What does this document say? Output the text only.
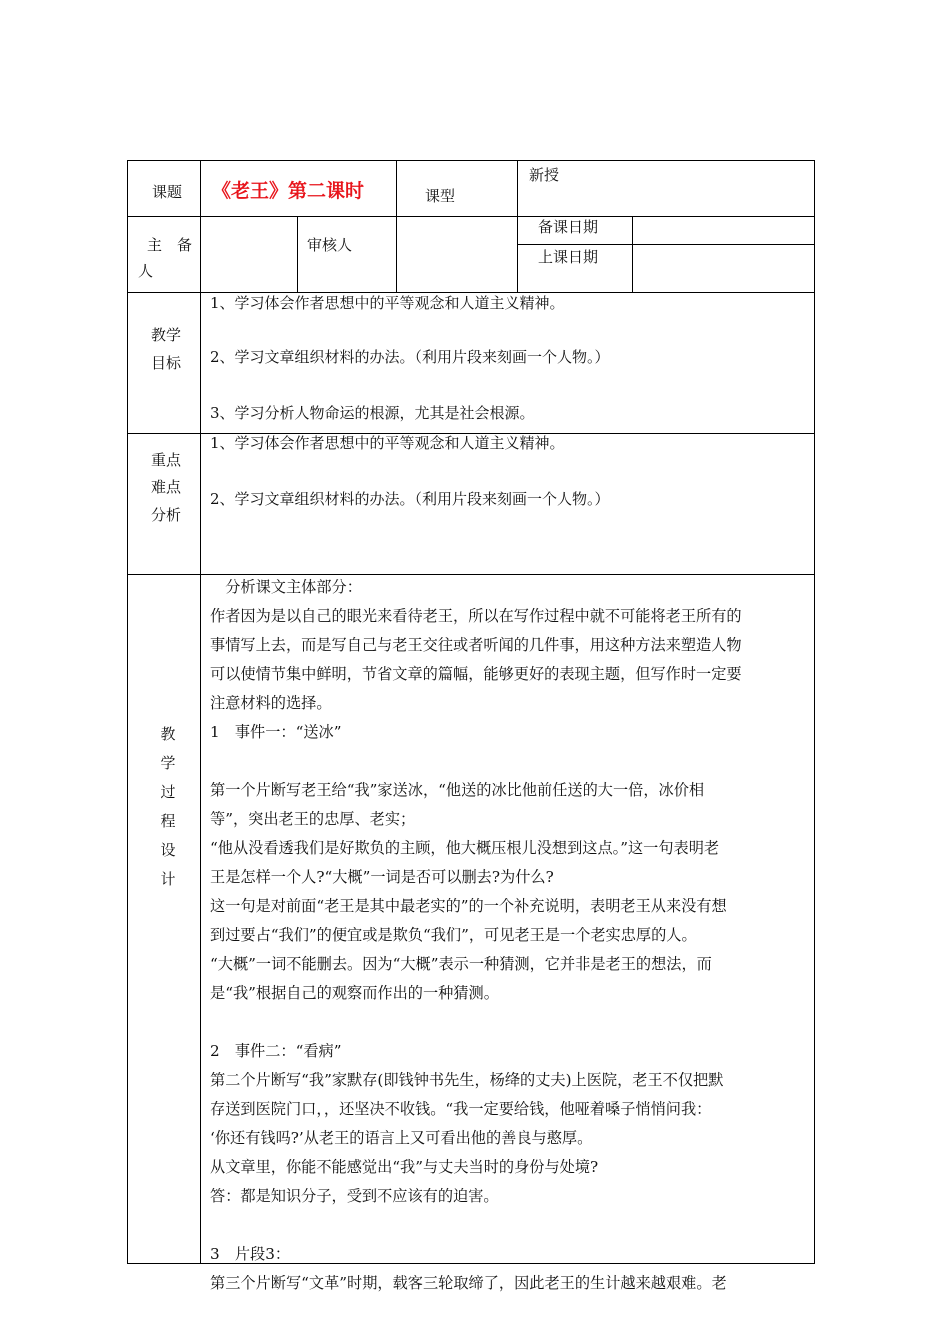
课题 《老王》第二课时	课型
新授
主　备
人
审核人
备课日期
上课日期
教学
目标
1、学习体会作者思想中的平等观念和人道主义精神。
2、学习文章组织材料的办法。（利用片段来刻画一个人物。）
3、学习分析人物命运的根源，尤其是社会根源。
重点
难点
分析
1、学习体会作者思想中的平等观念和人道主义精神。
2、学习文章组织材料的办法。（利用片段来刻画一个人物。）
教
学
过
程
设
计

　分析课文主体部分：

作者因为是以自己的眼光来看待老王，所以在写作过程中就不可能将老王所有的

事情写上去，而是写自己与老王交往或者听闻的几件事，用这种方法来塑造人物

可以使情节集中鲜明，节省文章的篇幅，能够更好的表现主题，但写作时一定要

注意材料的选择。

1　事件一：“送冰”

第一个片断写老王给“我”家送冰，“他送的冰比他前任送的大一倍，冰价相

等”，突出老王的忠厚、老实；

“他从没看透我们是好欺负的主顾，他大概压根儿没想到这点。”这一句表明老

王是怎样一个人?“大概”一词是否可以删去?为什么?

这一句是对前面“老王是其中最老实的”的一个补充说明，表明老王从来没有想

到过要占“我们”的便宜或是欺负“我们”，可见老王是一个老实忠厚的人。

“大概”一词不能删去。因为“大概”表示一种猜测，它并非是老王的想法，而

是“我”根据自己的观察而作出的一种猜测。

2　事件二：“看病”

第二个片断写“我”家默存(即钱钟书先生，杨绛的丈夫)上医院，老王不仅把默

存送到医院门口，，还坚决不收钱。“我一定要给钱，他哑着嗓子悄悄问我：

‘你还有钱吗?’从老王的语言上又可看出他的善良与憨厚。

从文章里，你能不能感觉出“我”与丈夫当时的身份与处境?

答：都是知识分子，受到不应该有的迫害。

3　片段3：

第三个片断写“文革”时期，载客三轮取缔了，因此老王的生计越来越艰难。老
